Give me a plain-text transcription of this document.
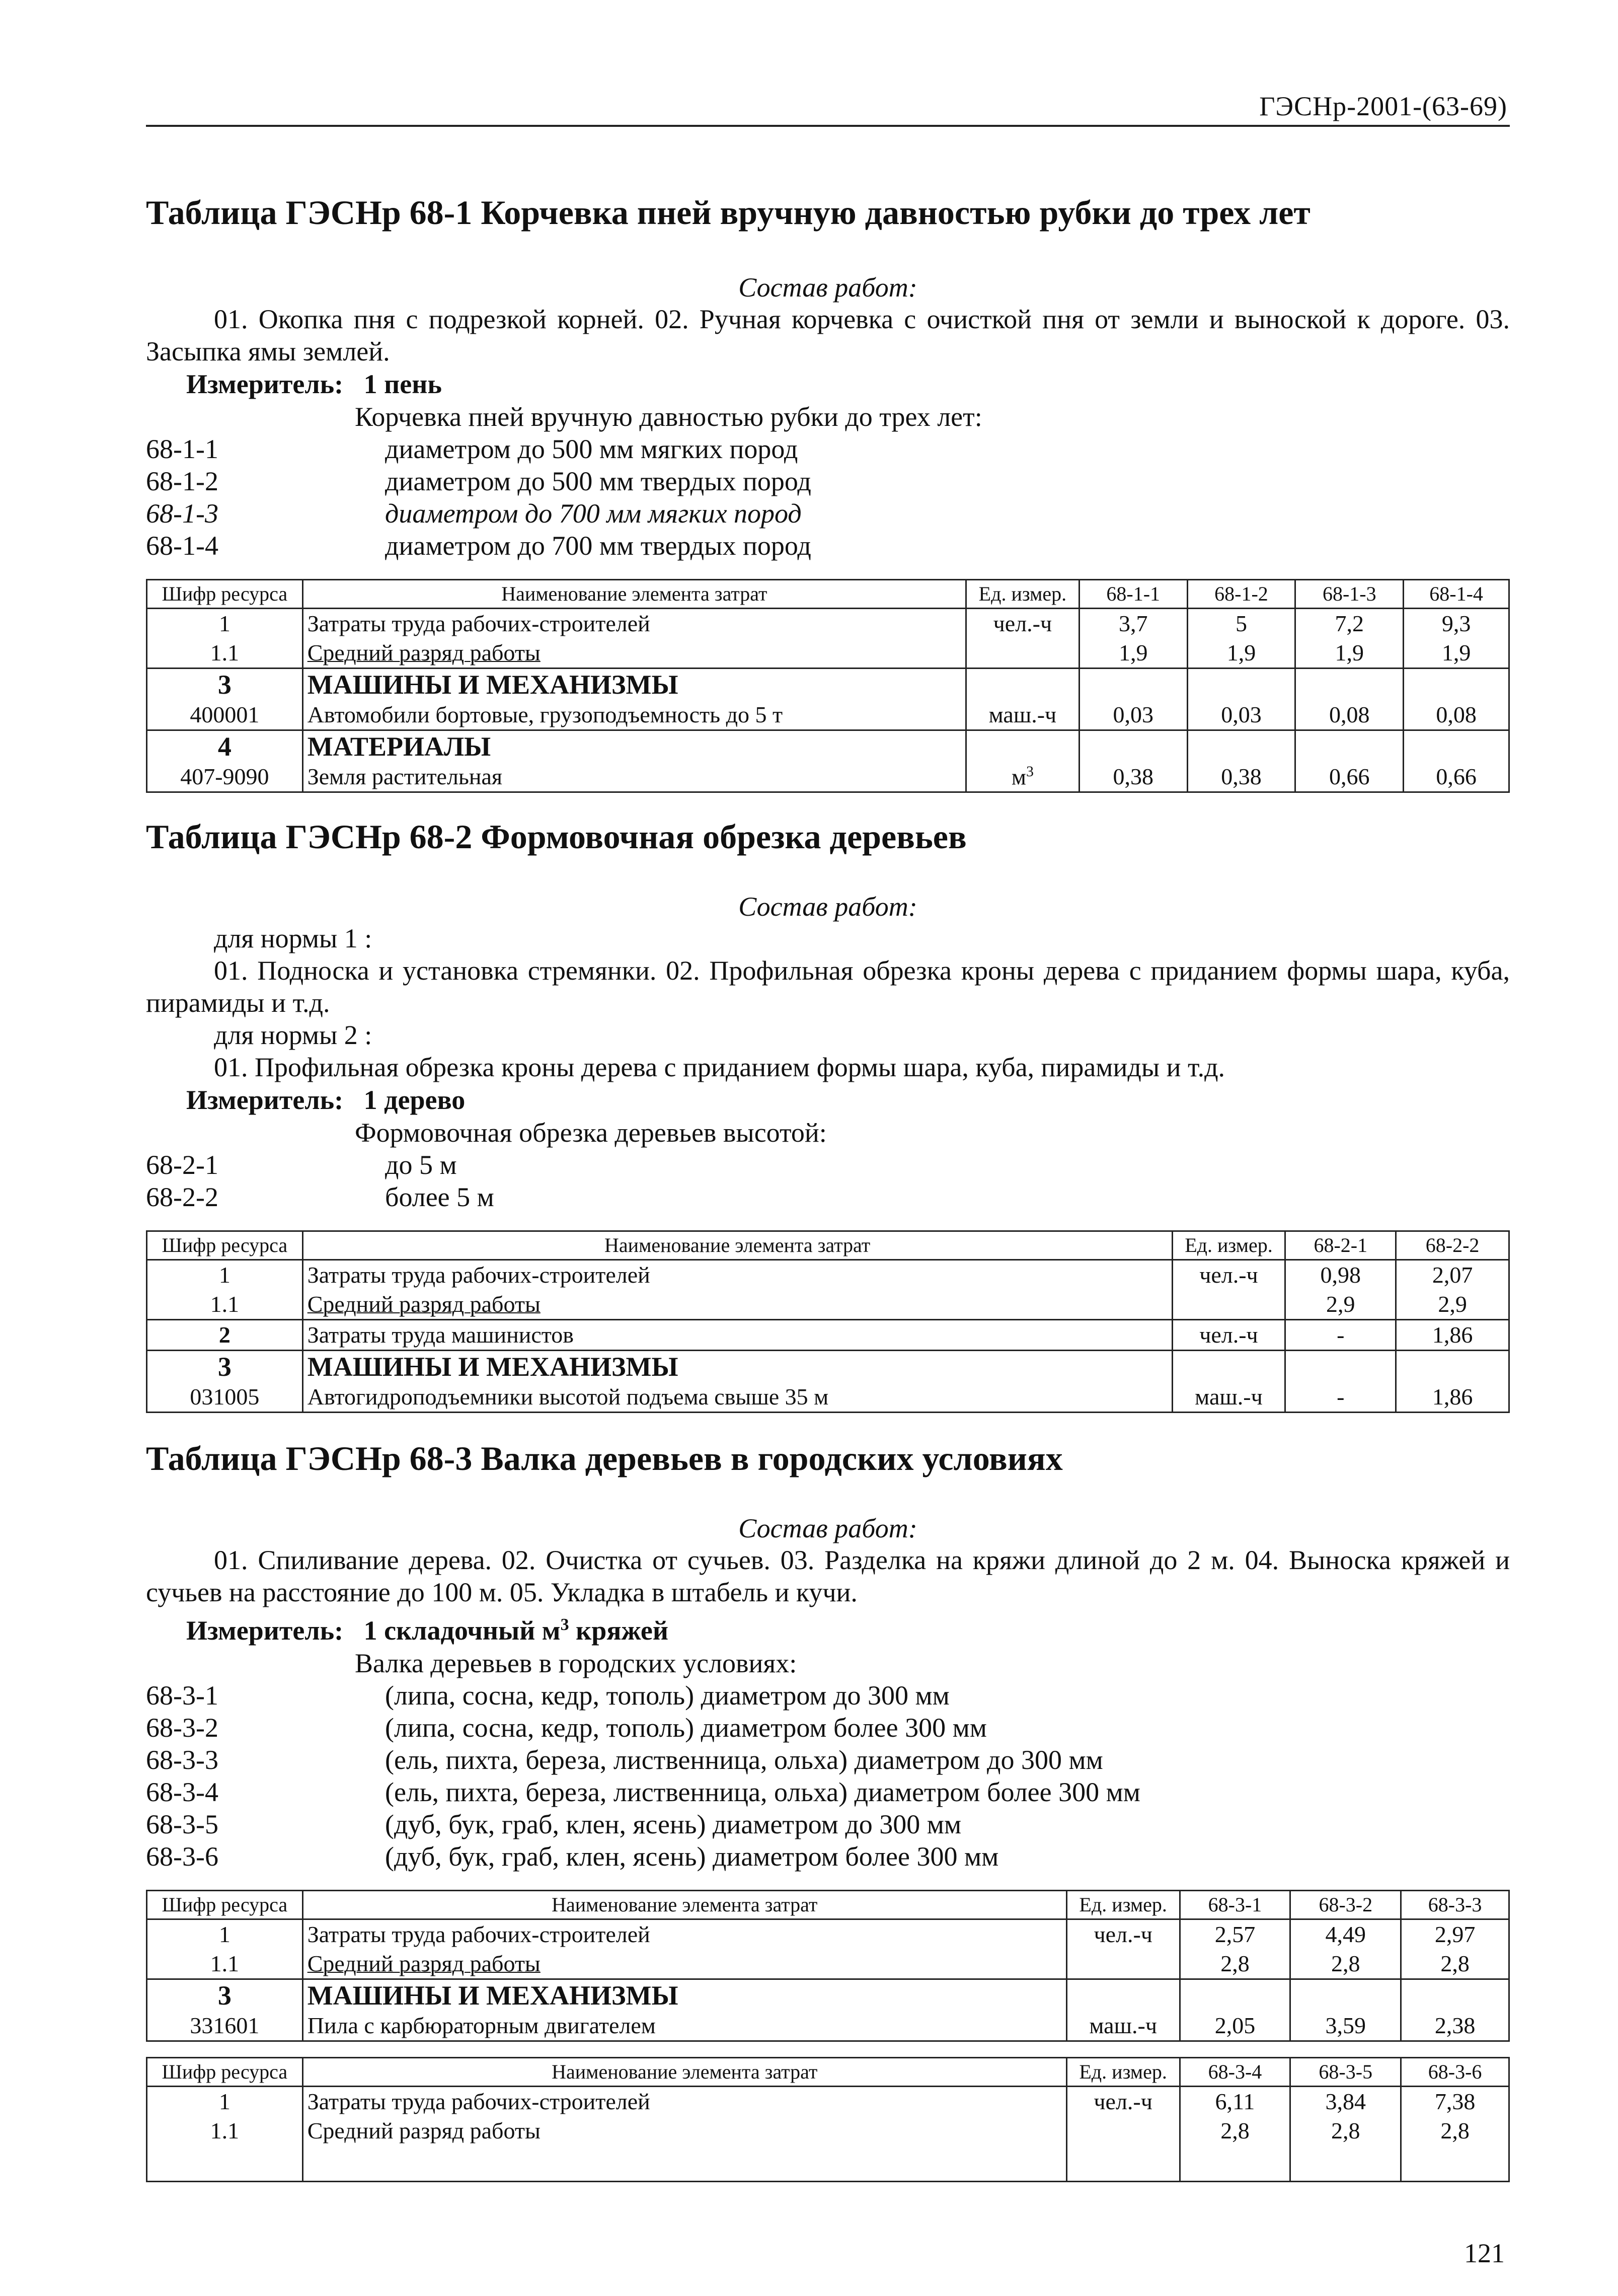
ГЭСНр-2001-(63-69)
Таблица ГЭСНр 68-1 Корчевка пней вручную давностью рубки до трех лет
Состав работ:
01. Окопка пня с подрезкой корней. 02. Ручная корчевка с очисткой пня от земли и выноской к дороге. 03. Засыпка ямы землей.
Измеритель: 1 пень
Корчевка пней вручную давностью рубки до трех лет:
68-1-1	диаметром до 500 мм мягких пород
68-1-2	диаметром до 500 мм твердых пород
68-1-3	диаметром до 700 мм мягких пород
68-1-4	диаметром до 700 мм твердых пород
Шифр ресурса	Наименование элемента затрат	Ед. измер.	68-1-1	68-1-2	68-1-3	68-1-4
1	Затраты труда рабочих-строителей	чел.-ч	3,7	5	7,2	9,3
1.1	Средний разряд работы		1,9	1,9	1,9	1,9
3	МАШИНЫ И МЕХАНИЗМЫ					
400001	Автомобили бортовые, грузоподъемность до 5 т	маш.-ч	0,03	0,03	0,08	0,08
4	МАТЕРИАЛЫ					
407-9090	Земля растительная	$м^3$	0,38	0,38	0,66	0,66
Таблица ГЭСНр 68-2 Формовочная обрезка деревьев
Состав работ:
для нормы 1 :
01. Подноска и установка стремянки. 02. Профильная обрезка кроны дерева с приданием формы шара, куба, пирамиды и т.д.
для нормы 2 :
01. Профильная обрезка кроны дерева с приданием формы шара, куба, пирамиды и т.д.
Измеритель: 1 дерево
Формовочная обрезка деревьев высотой:
68-2-1	до 5 м
68-2-2	более 5 м
Шифр ресурса	Наименование элемента затрат	Ед. измер.	68-2-1	68-2-2
1	Затраты труда рабочих-строителей	чел.-ч	0,98	2,07
1.1	Средний разряд работы		2,9	2,9
2	Затраты труда машинистов	чел.-ч	-	1,86
3	МАШИНЫ И МЕХАНИЗМЫ			
031005	Автогидроподъемники высотой подъема свыше 35 м	маш.-ч	-	1,86
Таблица ГЭСНр 68-3 Валка деревьев в городских условиях
Состав работ:
01. Спиливание дерева. 02. Очистка от сучьев. 03. Разделка на кряжи длиной до 2 м. 04. Выноска кряжей и сучьев на расстояние до 100 м. 05. Укладка в штабель и кучи.
Измеритель: 1 складочный $м^3$ кряжей
Валка деревьев в городских условиях:
68-3-1	(липа, сосна, кедр, тополь) диаметром до 300 мм
68-3-2	(липа, сосна, кедр, тополь) диаметром более 300 мм
68-3-3	(ель, пихта, береза, лиственница, ольха) диаметром до 300 мм
68-3-4	(ель, пихта, береза, лиственница, ольха) диаметром более 300 мм
68-3-5	(дуб, бук, граб, клен, ясень) диаметром до 300 мм
68-3-6	(дуб, бук, граб, клен, ясень) диаметром более 300 мм
Шифр ресурса	Наименование элемента затрат	Ед. измер.	68-3-1	68-3-2	68-3-3
1	Затраты труда рабочих-строителей	чел.-ч	2,57	4,49	2,97
1.1	Средний разряд работы		2,8	2,8	2,8
3	МАШИНЫ И МЕХАНИЗМЫ				
331601	Пила с карбюраторным двигателем	маш.-ч	2,05	3,59	2,38
Шифр ресурса	Наименование элемента затрат	Ед. измер.	68-3-4	68-3-5	68-3-6
1	Затраты труда рабочих-строителей	чел.-ч	6,11	3,84	7,38
1.1	Средний разряд работы		2,8	2,8	2,8

121
